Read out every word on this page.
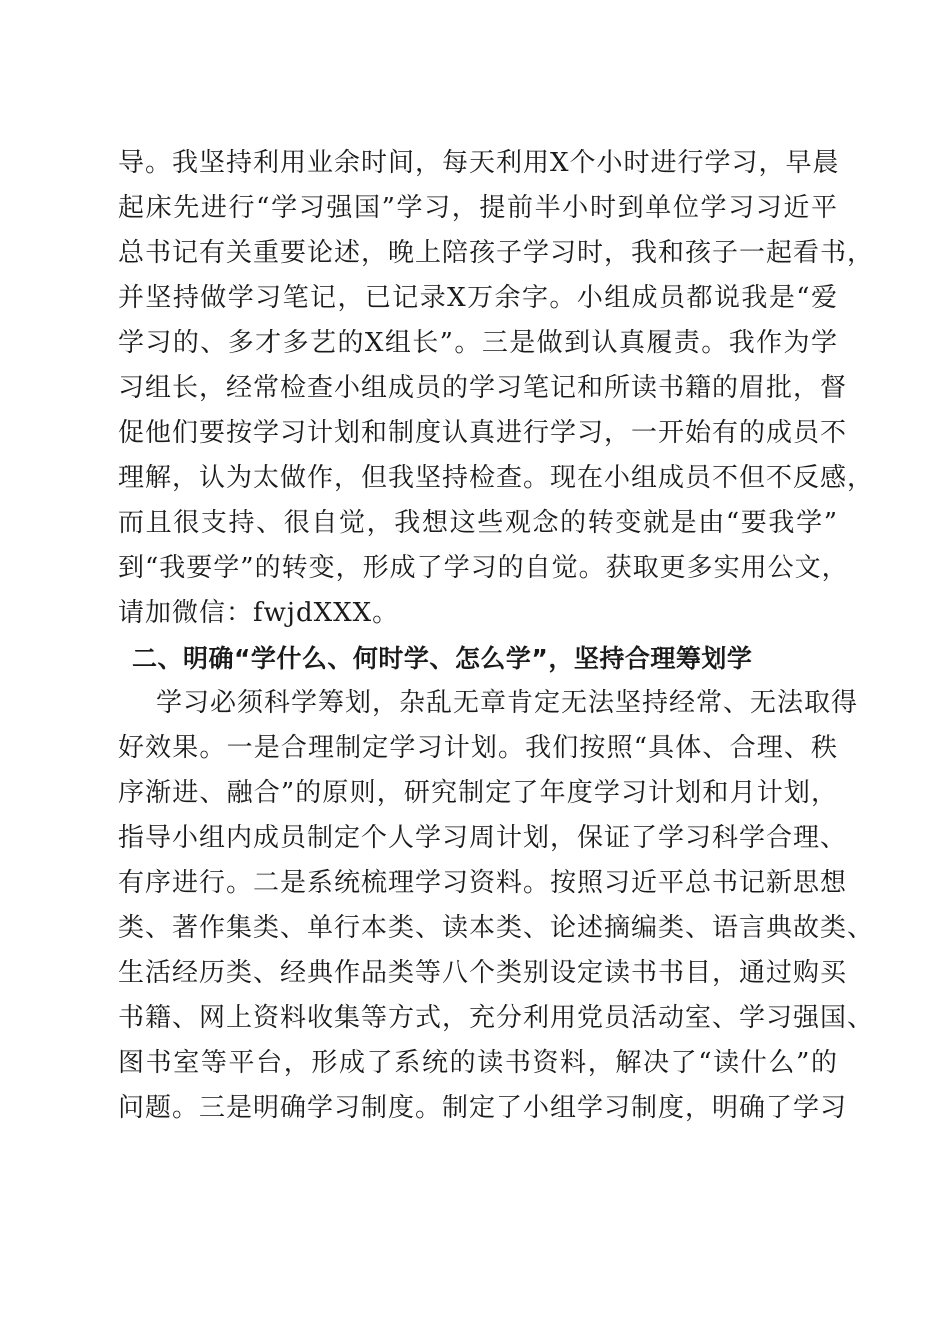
导。我坚持利用业余时间，每天利用X个小时进行学习，早晨
起床先进行“学习强国”学习，提前半小时到单位学习习近平
总书记有关重要论述，晚上陪孩子学习时，我和孩子一起看书，
并坚持做学习笔记，已记录X万余字。小组成员都说我是“爱
学习的、多才多艺的X组长”。三是做到认真履责。我作为学
习组长，经常检查小组成员的学习笔记和所读书籍的眉批，督
促他们要按学习计划和制度认真进行学习，一开始有的成员不
理解，认为太做作，但我坚持检查。现在小组成员不但不反感，
而且很支持、很自觉，我想这些观念的转变就是由“要我学”
到“我要学”的转变，形成了学习的自觉。获取更多实用公文，
请加微信：fwjdXXX。
二、明确“学什么、何时学、怎么学”，坚持合理筹划学
学习必须科学筹划，杂乱无章肯定无法坚持经常、无法取得
好效果。一是合理制定学习计划。我们按照“具体、合理、秩
序渐进、融合”的原则，研究制定了年度学习计划和月计划，
指导小组内成员制定个人学习周计划，保证了学习科学合理、
有序进行。二是系统梳理学习资料。按照习近平总书记新思想
类、著作集类、单行本类、读本类、论述摘编类、语言典故类、
生活经历类、经典作品类等八个类别设定读书书目，通过购买
书籍、网上资料收集等方式，充分利用党员活动室、学习强国、
图书室等平台，形成了系统的读书资料，解决了“读什么”的
问题。三是明确学习制度。制定了小组学习制度，明确了学习
